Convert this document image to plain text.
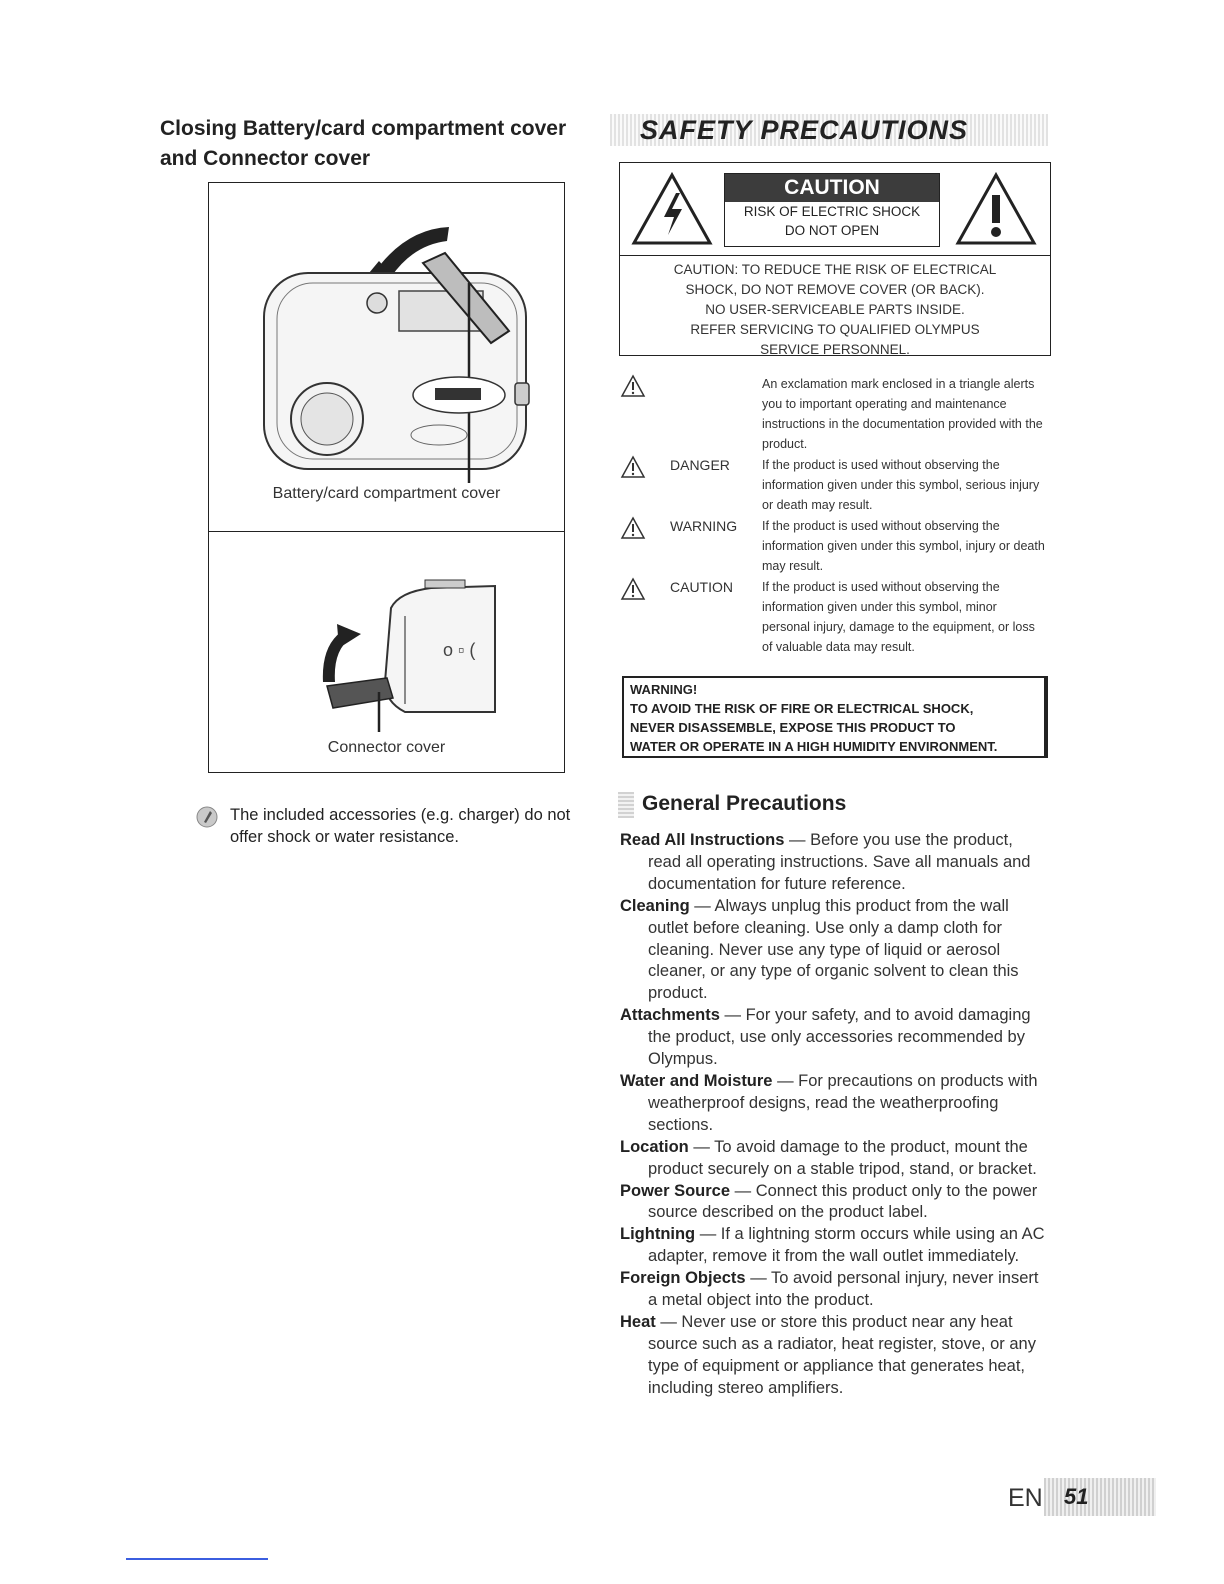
Closing Battery/card compartment cover
and Connector cover
Battery/card compartment cover
o ▫ (
Connector cover
The included accessories (e.g. charger) do not offer shock or water resistance.
SAFETY PRECAUTIONS
CAUTION
RISK OF ELECTRIC SHOCK
DO NOT OPEN
CAUTION: TO REDUCE THE RISK OF ELECTRICAL
SHOCK, DO NOT REMOVE COVER (OR BACK).
NO USER-SERVICEABLE PARTS INSIDE.
REFER SERVICING TO QUALIFIED OLYMPUS
SERVICE PERSONNEL.
An exclamation mark enclosed in a triangle alerts you to important operating and maintenance instructions in the documentation provided with the product.
DANGER	If the product is used without observing the information given under this symbol, serious injury or death may result.
WARNING If the product is used without observing the information given under this symbol, injury or death may result.
CAUTION If the product is used without observing the information given under this symbol, minor personal injury, damage to the equipment, or loss of valuable data may result.
WARNING!
TO AVOID THE RISK OF FIRE OR ELECTRICAL SHOCK,
NEVER DISASSEMBLE, EXPOSE THIS PRODUCT TO
WATER OR OPERATE IN A HIGH HUMIDITY ENVIRONMENT.
General Precautions
Read All Instructions — Before you use the product, read all operating instructions. Save all manuals and documentation for future reference.
Cleaning — Always unplug this product from the wall outlet before cleaning. Use only a damp cloth for cleaning. Never use any type of liquid or aerosol cleaner, or any type of organic solvent to clean this product.
Attachments — For your safety, and to avoid damaging the product, use only accessories recommended by Olympus.
Water and Moisture — For precautions on products with weatherproof designs, read the weatherproofing sections.
Location — To avoid damage to the product, mount the product securely on a stable tripod, stand, or bracket.
Power Source — Connect this product only to the power source described on the product label.
Lightning — If a lightning storm occurs while using an AC adapter, remove it from the wall outlet immediately.
Foreign Objects — To avoid personal injury, never insert a metal object into the product.
Heat — Never use or store this product near any heat source such as a radiator, heat register, stove, or any type of equipment or appliance that generates heat, including stereo amplifiers.
EN 51
